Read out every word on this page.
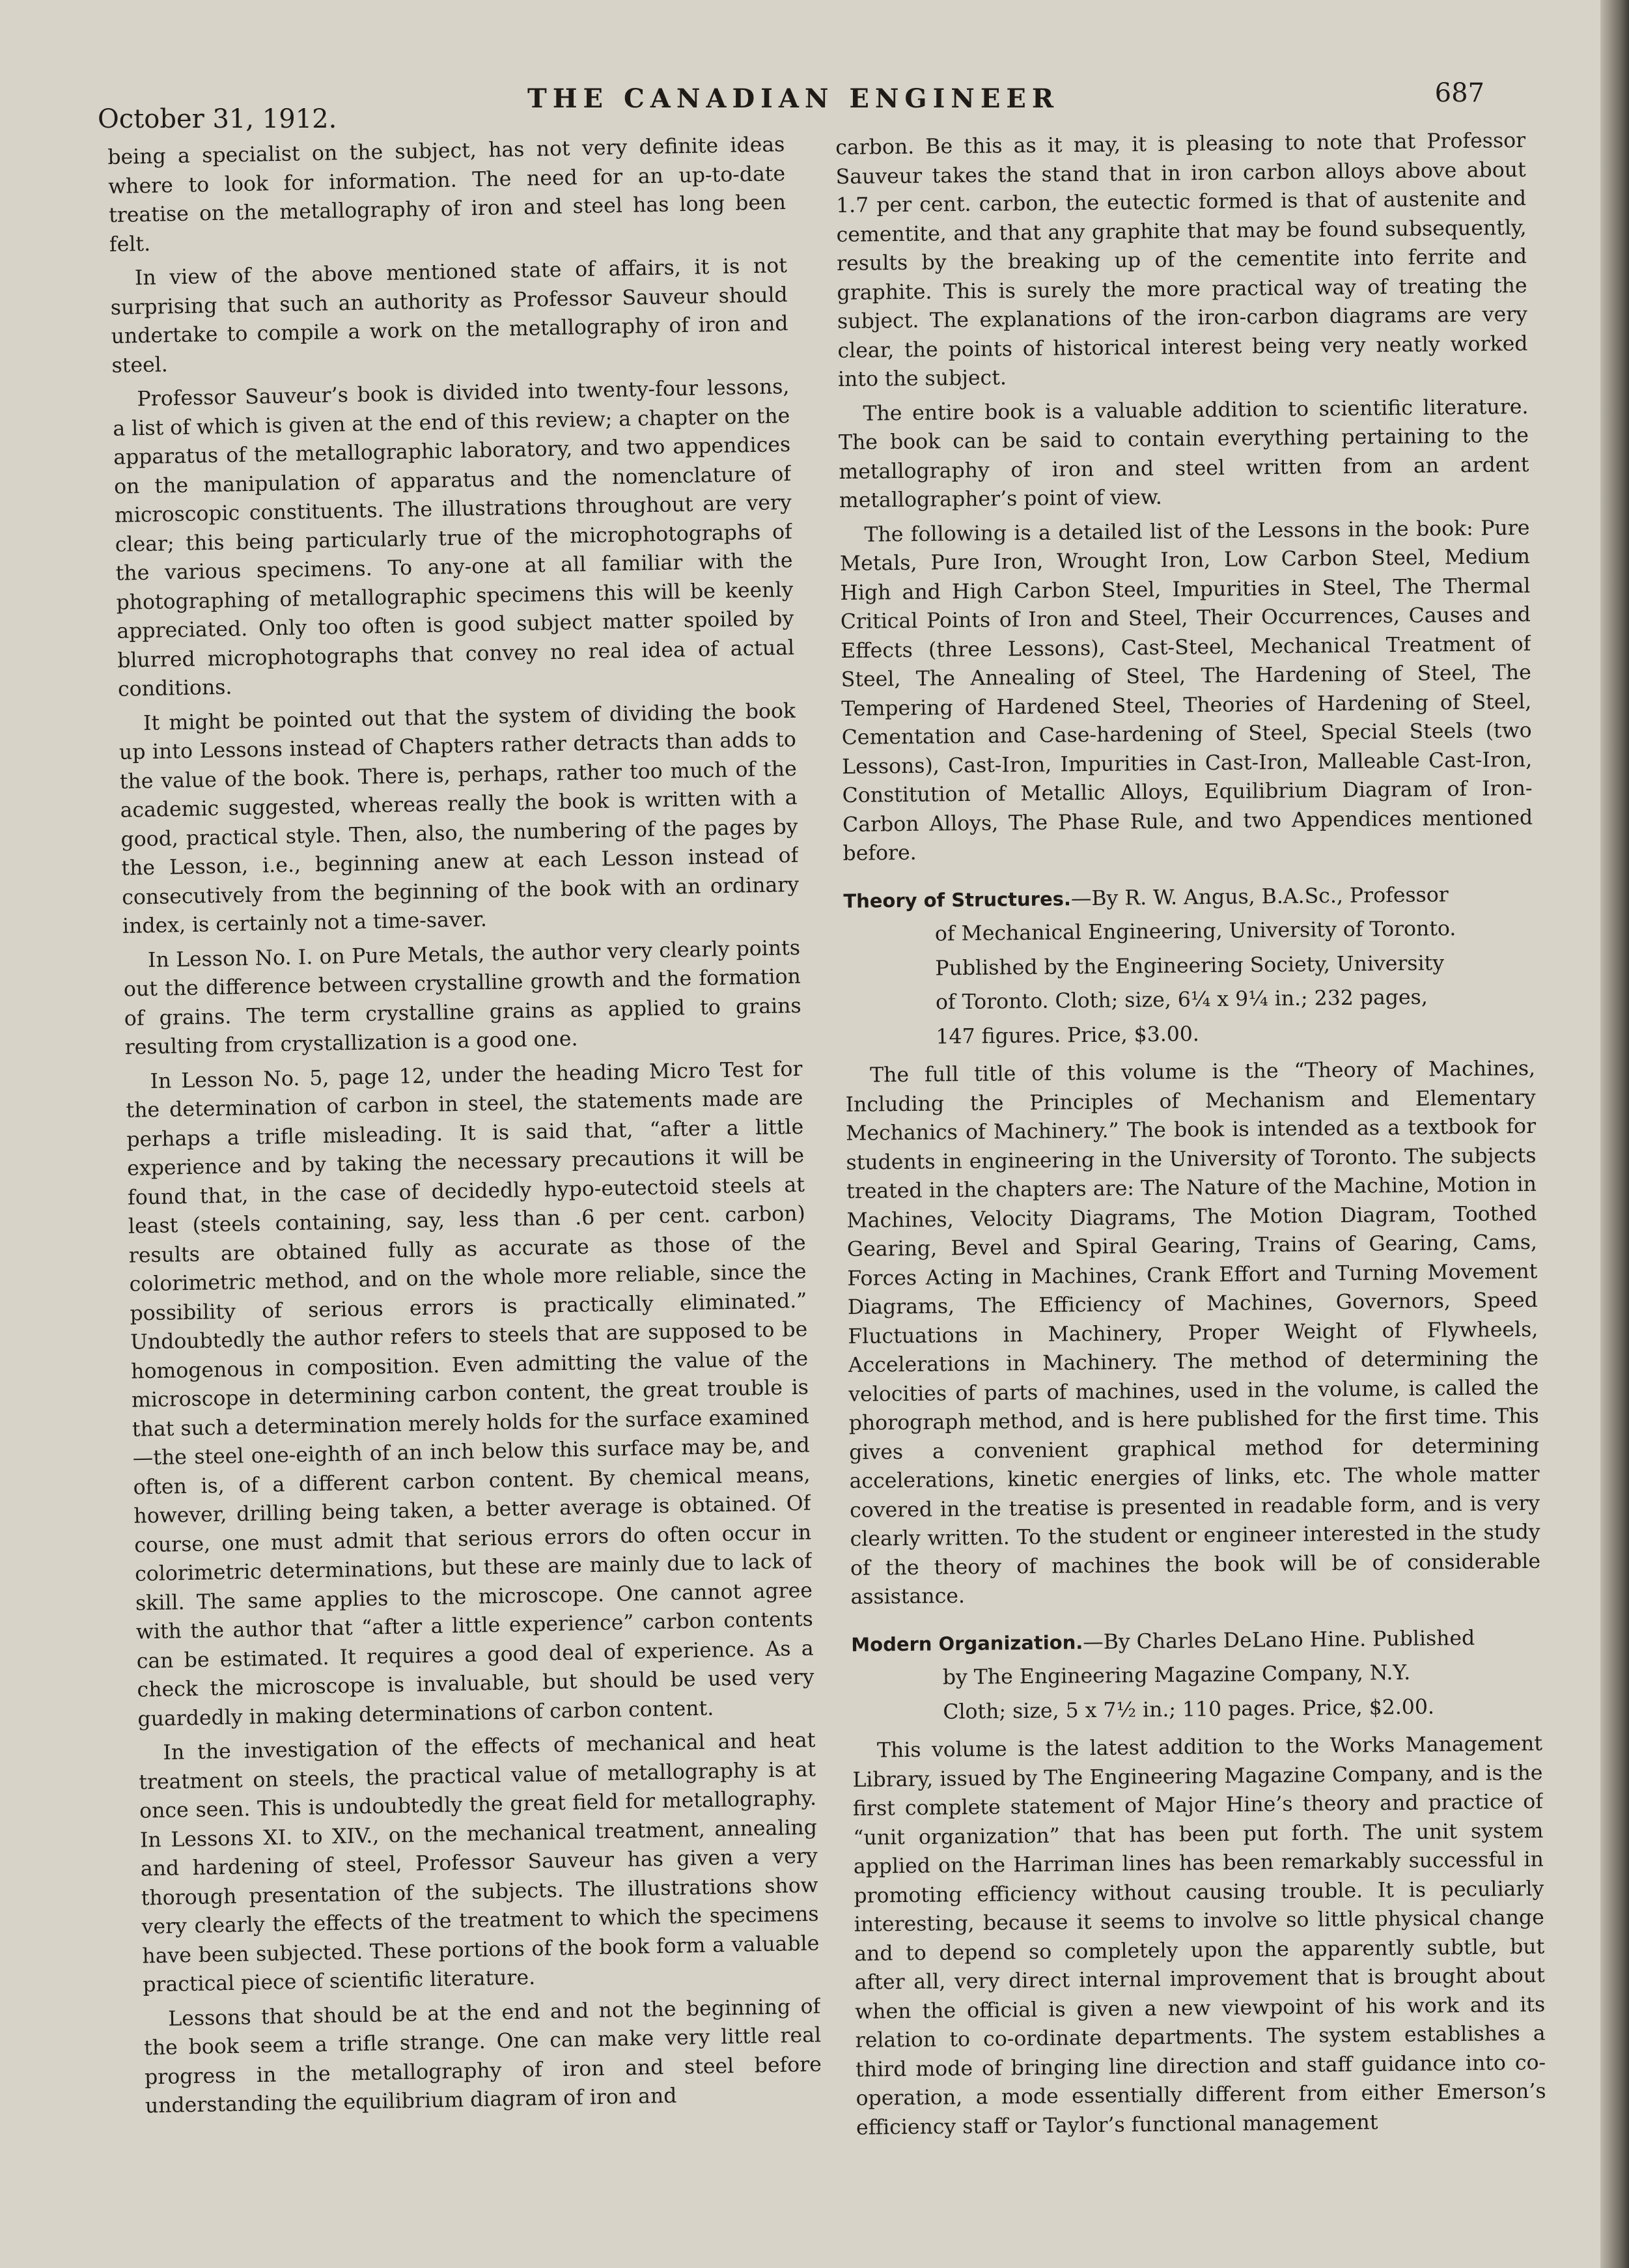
October 31, 1912.
THE CANADIAN ENGINEER	687

being a specialist on the subject, has not very definite ideas where to look for information. The need for an up-to-date treatise on the metallography of iron and steel has long been felt.

In view of the above mentioned state of affairs, it is not surprising that such an authority as Professor Sauveur should undertake to compile a work on the metallography of iron and steel.

Professor Sauveur’s book is divided into twenty-four lessons, a list of which is given at the end of this review; a chapter on the apparatus of the metallographic laboratory, and two appendices on the manipulation of apparatus and the nomenclature of microscopic constituents. The illustrations throughout are very clear; this being particularly true of the microphotographs of the various specimens. To any-one at all familiar with the photographing of metallographic specimens this will be keenly appreciated. Only too often is good subject matter spoiled by blurred microphotographs that convey no real idea of actual conditions.

It might be pointed out that the system of dividing the book up into Lessons instead of Chapters rather detracts than adds to the value of the book. There is, perhaps, rather too much of the academic suggested, whereas really the book is written with a good, practical style. Then, also, the numbering of the pages by the Lesson, i.e., beginning anew at each Lesson instead of consecutively from the beginning of the book with an ordinary index, is certainly not a time-saver.

In Lesson No. I. on Pure Metals, the author very clearly points out the difference between crystalline growth and the formation of grains. The term crystalline grains as applied to grains resulting from crystallization is a good one.

In Lesson No. 5, page 12, under the heading Micro Test for the determination of carbon in steel, the statements made are perhaps a trifle misleading. It is said that, “after a little experience and by taking the necessary precautions it will be found that, in the case of decidedly hypo-eutectoid steels at least (steels containing, say, less than .6 per cent. carbon) results are obtained fully as accurate as those of the colorimetric method, and on the whole more reliable, since the possibility of serious errors is practically eliminated.” Undoubtedly the author refers to steels that are supposed to be homogenous in composition. Even admitting the value of the microscope in determining carbon content, the great trouble is that such a determination merely holds for the surface examined—the steel one-eighth of an inch below this surface may be, and often is, of a different carbon content. By chemical means, however, drilling being taken, a better average is obtained. Of course, one must admit that serious errors do often occur in colorimetric determinations, but these are mainly due to lack of skill. The same applies to the microscope. One cannot agree with the author that “after a little experience” carbon contents can be estimated. It requires a good deal of experience. As a check the microscope is invaluable, but should be used very guardedly in making determinations of carbon content.

In the investigation of the effects of mechanical and heat treatment on steels, the practical value of metallography is at once seen. This is undoubtedly the great field for metallography. In Lessons XI. to XIV., on the mechanical treatment, annealing and hardening of steel, Professor Sauveur has given a very thorough presentation of the subjects. The illustrations show very clearly the effects of the treatment to which the specimens have been subjected. These portions of the book form a valuable practical piece of scientific literature.

Lessons that should be at the end and not the beginning of the book seem a trifle strange. One can make very little real progress in the metallography of iron and steel before understanding the equilibrium diagram of iron and

carbon. Be this as it may, it is pleasing to note that Professor Sauveur takes the stand that in iron carbon alloys above about 1.7 per cent. carbon, the eutectic formed is that of austenite and cementite, and that any graphite that may be found subsequently, results by the breaking up of the cementite into ferrite and graphite. This is surely the more practical way of treating the subject. The explanations of the iron-carbon diagrams are very clear, the points of historical interest being very neatly worked into the subject.

The entire book is a valuable addition to scientific literature. The book can be said to contain everything pertaining to the metallography of iron and steel written from an ardent metallographer’s point of view.

The following is a detailed list of the Lessons in the book: Pure Metals, Pure Iron, Wrought Iron, Low Carbon Steel, Medium High and High Carbon Steel, Impurities in Steel, The Thermal Critical Points of Iron and Steel, Their Occurrences, Causes and Effects (three Lessons), Cast-Steel, Mechanical Treatment of Steel, The Annealing of Steel, The Hardening of Steel, The Tempering of Hardened Steel, Theories of Hardening of Steel, Cementation and Case-hardening of Steel, Special Steels (two Lessons), Cast-Iron, Impurities in Cast-Iron, Malleable Cast-Iron, Constitution of Metallic Alloys, Equilibrium Diagram of Iron-Carbon Alloys, The Phase Rule, and two Appendices mentioned before.

Theory of Structures.—By R. W. Angus, B.A.Sc., Professor

of Mechanical Engineering, University of Toronto.

Published by the Engineering Society, University

of Toronto. Cloth; size, 6¼ x 9¼ in.; 232 pages,

147 figures. Price, $3.00.

The full title of this volume is the “Theory of Machines, Including the Principles of Mechanism and Elementary Mechanics of Machinery.” The book is intended as a textbook for students in engineering in the University of Toronto. The subjects treated in the chapters are: The Nature of the Machine, Motion in Machines, Velocity Diagrams, The Motion Diagram, Toothed Gearing, Bevel and Spiral Gearing, Trains of Gearing, Cams, Forces Acting in Machines, Crank Effort and Turning Movement Diagrams, The Efficiency of Machines, Governors, Speed Fluctuations in Machinery, Proper Weight of Flywheels, Accelerations in Machinery. The method of determining the velocities of parts of machines, used in the volume, is called the phorograph method, and is here published for the first time. This gives a convenient graphical method for determining accelerations, kinetic energies of links, etc. The whole matter covered in the treatise is presented in readable form, and is very clearly written. To the student or engineer interested in the study of the theory of machines the book will be of considerable assistance.

Modern Organization.—By Charles DeLano Hine. Published

by The Engineering Magazine Company, N.Y.

Cloth; size, 5 x 7½ in.; 110 pages. Price, $2.00.

This volume is the latest addition to the Works Management Library, issued by The Engineering Magazine Company, and is the first complete statement of Major Hine’s theory and practice of “unit organization” that has been put forth. The unit system applied on the Harriman lines has been remarkably successful in promoting efficiency without causing trouble. It is peculiarly interesting, because it seems to involve so little physical change and to depend so completely upon the apparently subtle, but after all, very direct internal improvement that is brought about when the official is given a new viewpoint of his work and its relation to co-ordinate departments. The system establishes a third mode of bringing line direction and staff guidance into co-operation, a mode essentially different from either Emerson’s efficiency staff or Taylor’s functional management
